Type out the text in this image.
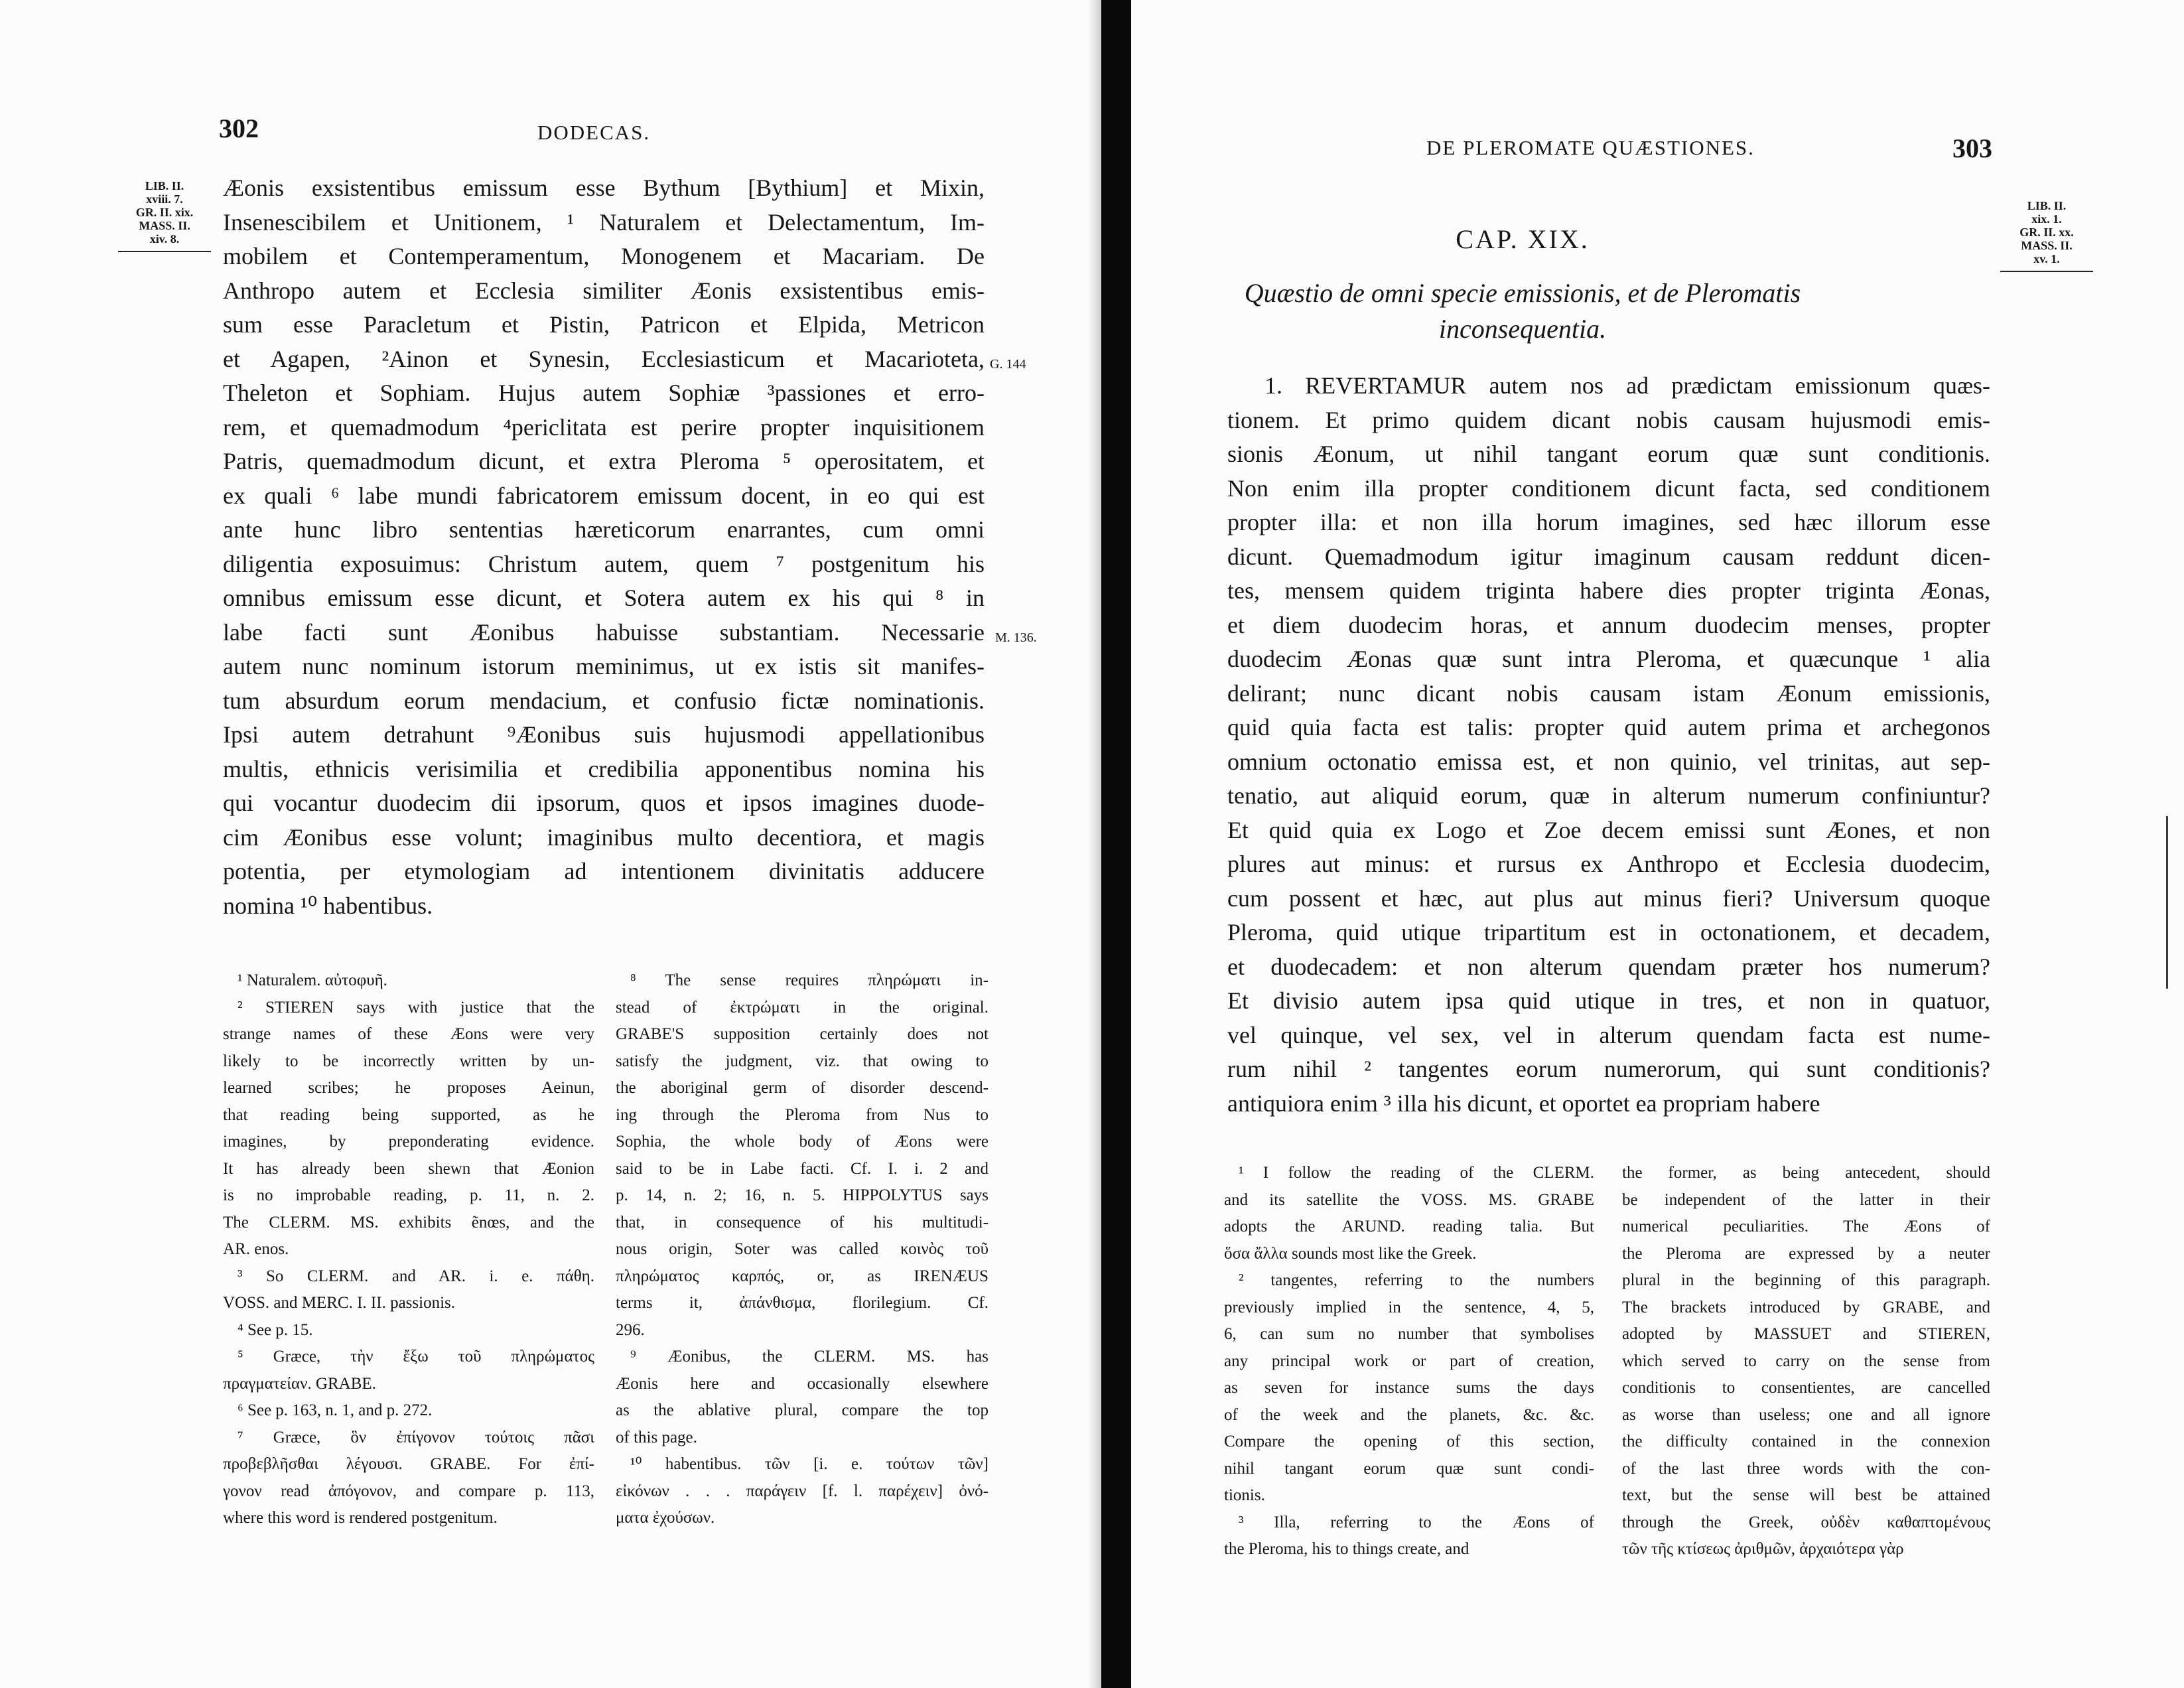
302	DODECAS.
LIB. II.
xviii. 7.
GR. II. xix.
MASS. II.
xiv. 8.
Æonis exsistentibus emissum esse Bythum [Bythium] et Mixin,
Insenescibilem et Unitionem, ¹ Naturalem et Delectamentum, Im-
mobilem et Contemperamentum, Monogenem et Macariam. De
Anthropo autem et Ecclesia similiter Æonis exsistentibus emis-
sum esse Paracletum et Pistin, Patricon et Elpida, Metricon
et Agapen, ²Ainon et Synesin, Ecclesiasticum et Macarioteta,
Theleton et Sophiam. Hujus autem Sophiæ ³passiones et erro-
rem, et quemadmodum ⁴periclitata est perire propter inquisitionem
Patris, quemadmodum dicunt, et extra Pleroma ⁵ operositatem, et
ex quali ⁶ labe mundi fabricatorem emissum docent, in eo qui est
ante hunc libro sententias hæreticorum enarrantes, cum omni
diligentia exposuimus: Christum autem, quem ⁷ postgenitum his
omnibus emissum esse dicunt, et Sotera autem ex his qui ⁸ in
labe facti sunt Æonibus habuisse substantiam. Necessarie
autem nunc nominum istorum meminimus, ut ex istis sit manifes-
tum absurdum eorum mendacium, et confusio fictæ nominationis.
Ipsi autem detrahunt ⁹Æonibus suis hujusmodi appellationibus
multis, ethnicis verisimilia et credibilia apponentibus nomina his
qui vocantur duodecim dii ipsorum, quos et ipsos imagines duode-
cim Æonibus esse volunt; imaginibus multo decentiora, et magis
potentia, per etymologiam ad intentionem divinitatis adducere
nomina ¹⁰ habentibus.
G. 144
M. 136.
¹ Naturalem. αὐτοφυῆ.
² STIEREN says with justice that the
strange names of these Æons were very
likely to be incorrectly written by un-
learned scribes; he proposes Aeinun,
that reading being supported, as he
imagines, by preponderating evidence.
It has already been shewn that Æonion
is no improbable reading, p. 11, n. 2.
The CLERM. MS. exhibits ẽnœs, and the
AR. enos.
³ So CLERM. and AR. i. e. πάθη.
VOSS. and MERC. I. II. passionis.
⁴ See p. 15.
⁵ Græce, τὴν ἔξω τοῦ πληρώματος
πραγματείαν. GRABE.
⁶ See p. 163, n. 1, and p. 272.
⁷ Græce, ὃν ἐπίγονον τούτοις πᾶσι
προβεβλῆσθαι λέγουσι. GRABE. For ἐπί-
γονον read ἀπόγονον, and compare p. 113,
where this word is rendered postgenitum.
⁸ The sense requires πληρώματι in-
stead of ἐκτρώματι in the original.
GRABE'S supposition certainly does not
satisfy the judgment, viz. that owing to
the aboriginal germ of disorder descend-
ing through the Pleroma from Nus to
Sophia, the whole body of Æons were
said to be in Labe facti. Cf. I. i. 2 and
p. 14, n. 2; 16, n. 5. HIPPOLYTUS says
that, in consequence of his multitudi-
nous origin, Soter was called κοινὸς τοῦ
πληρώματος καρπός, or, as IRENÆUS
terms it, ἀπάνθισμα, florilegium. Cf.
296.
⁹ Æonibus, the CLERM. MS. has
Æonis here and occasionally elsewhere
as the ablative plural, compare the top
of this page.
¹⁰ habentibus. τῶν [i. e. τούτων τῶν]
εἰκόνων . . . παράγειν [f. l. παρέχειν] ὀνό-
ματα ἐχούσων.
DE PLEROMATE QUÆSTIONES.	303
LIB. II.
xix. 1.
GR. II. xx.
MASS. II.
xv. 1.
CAP. XIX.
Quæstio de omni specie emissionis, et de Pleromatis
inconsequentia.
1. REVERTAMUR autem nos ad prædictam emissionum quæs-
tionem. Et primo quidem dicant nobis causam hujusmodi emis-
sionis Æonum, ut nihil tangant eorum quæ sunt conditionis.
Non enim illa propter conditionem dicunt facta, sed conditionem
propter illa: et non illa horum imagines, sed hæc illorum esse
dicunt. Quemadmodum igitur imaginum causam reddunt dicen-
tes, mensem quidem triginta habere dies propter triginta Æonas,
et diem duodecim horas, et annum duodecim menses, propter
duodecim Æonas quæ sunt intra Pleroma, et quæcunque ¹ alia
delirant; nunc dicant nobis causam istam Æonum emissionis,
quid quia facta est talis: propter quid autem prima et archegonos
omnium octonatio emissa est, et non quinio, vel trinitas, aut sep-
tenatio, aut aliquid eorum, quæ in alterum numerum confiniuntur?
Et quid quia ex Logo et Zoe decem emissi sunt Æones, et non
plures aut minus: et rursus ex Anthropo et Ecclesia duodecim,
cum possent et hæc, aut plus aut minus fieri? Universum quoque
Pleroma, quid utique tripartitum est in octonationem, et decadem,
et duodecadem: et non alterum quendam præter hos numerum?
Et divisio autem ipsa quid utique in tres, et non in quatuor,
vel quinque, vel sex, vel in alterum quendam facta est nume-
rum nihil ² tangentes eorum numerorum, qui sunt conditionis?
antiquiora enim ³ illa his dicunt, et oportet ea propriam habere
¹ I follow the reading of the CLERM.
and its satellite the VOSS. MS. GRABE
adopts the ARUND. reading talia. But
ὅσα ἄλλα sounds most like the Greek.
² tangentes, referring to the numbers
previously implied in the sentence, 4, 5,
6, can sum no number that symbolises
any principal work or part of creation,
as seven for instance sums the days
of the week and the planets, &c. &c.
Compare the opening of this section,
nihil tangant eorum quæ sunt condi-
tionis.
³ Illa, referring to the Æons of
the Pleroma, his to things create, and
the former, as being antecedent, should
be independent of the latter in their
numerical peculiarities. The Æons of
the Pleroma are expressed by a neuter
plural in the beginning of this paragraph.
The brackets introduced by GRABE, and
adopted by MASSUET and STIEREN,
which served to carry on the sense from
conditionis to consentientes, are cancelled
as worse than useless; one and all ignore
the difficulty contained in the connexion
of the last three words with the con-
text, but the sense will best be attained
through the Greek, οὐδὲν καθαπτομένους
τῶν τῆς κτίσεως ἀριθμῶν, ἀρχαιότερα γὰρ
